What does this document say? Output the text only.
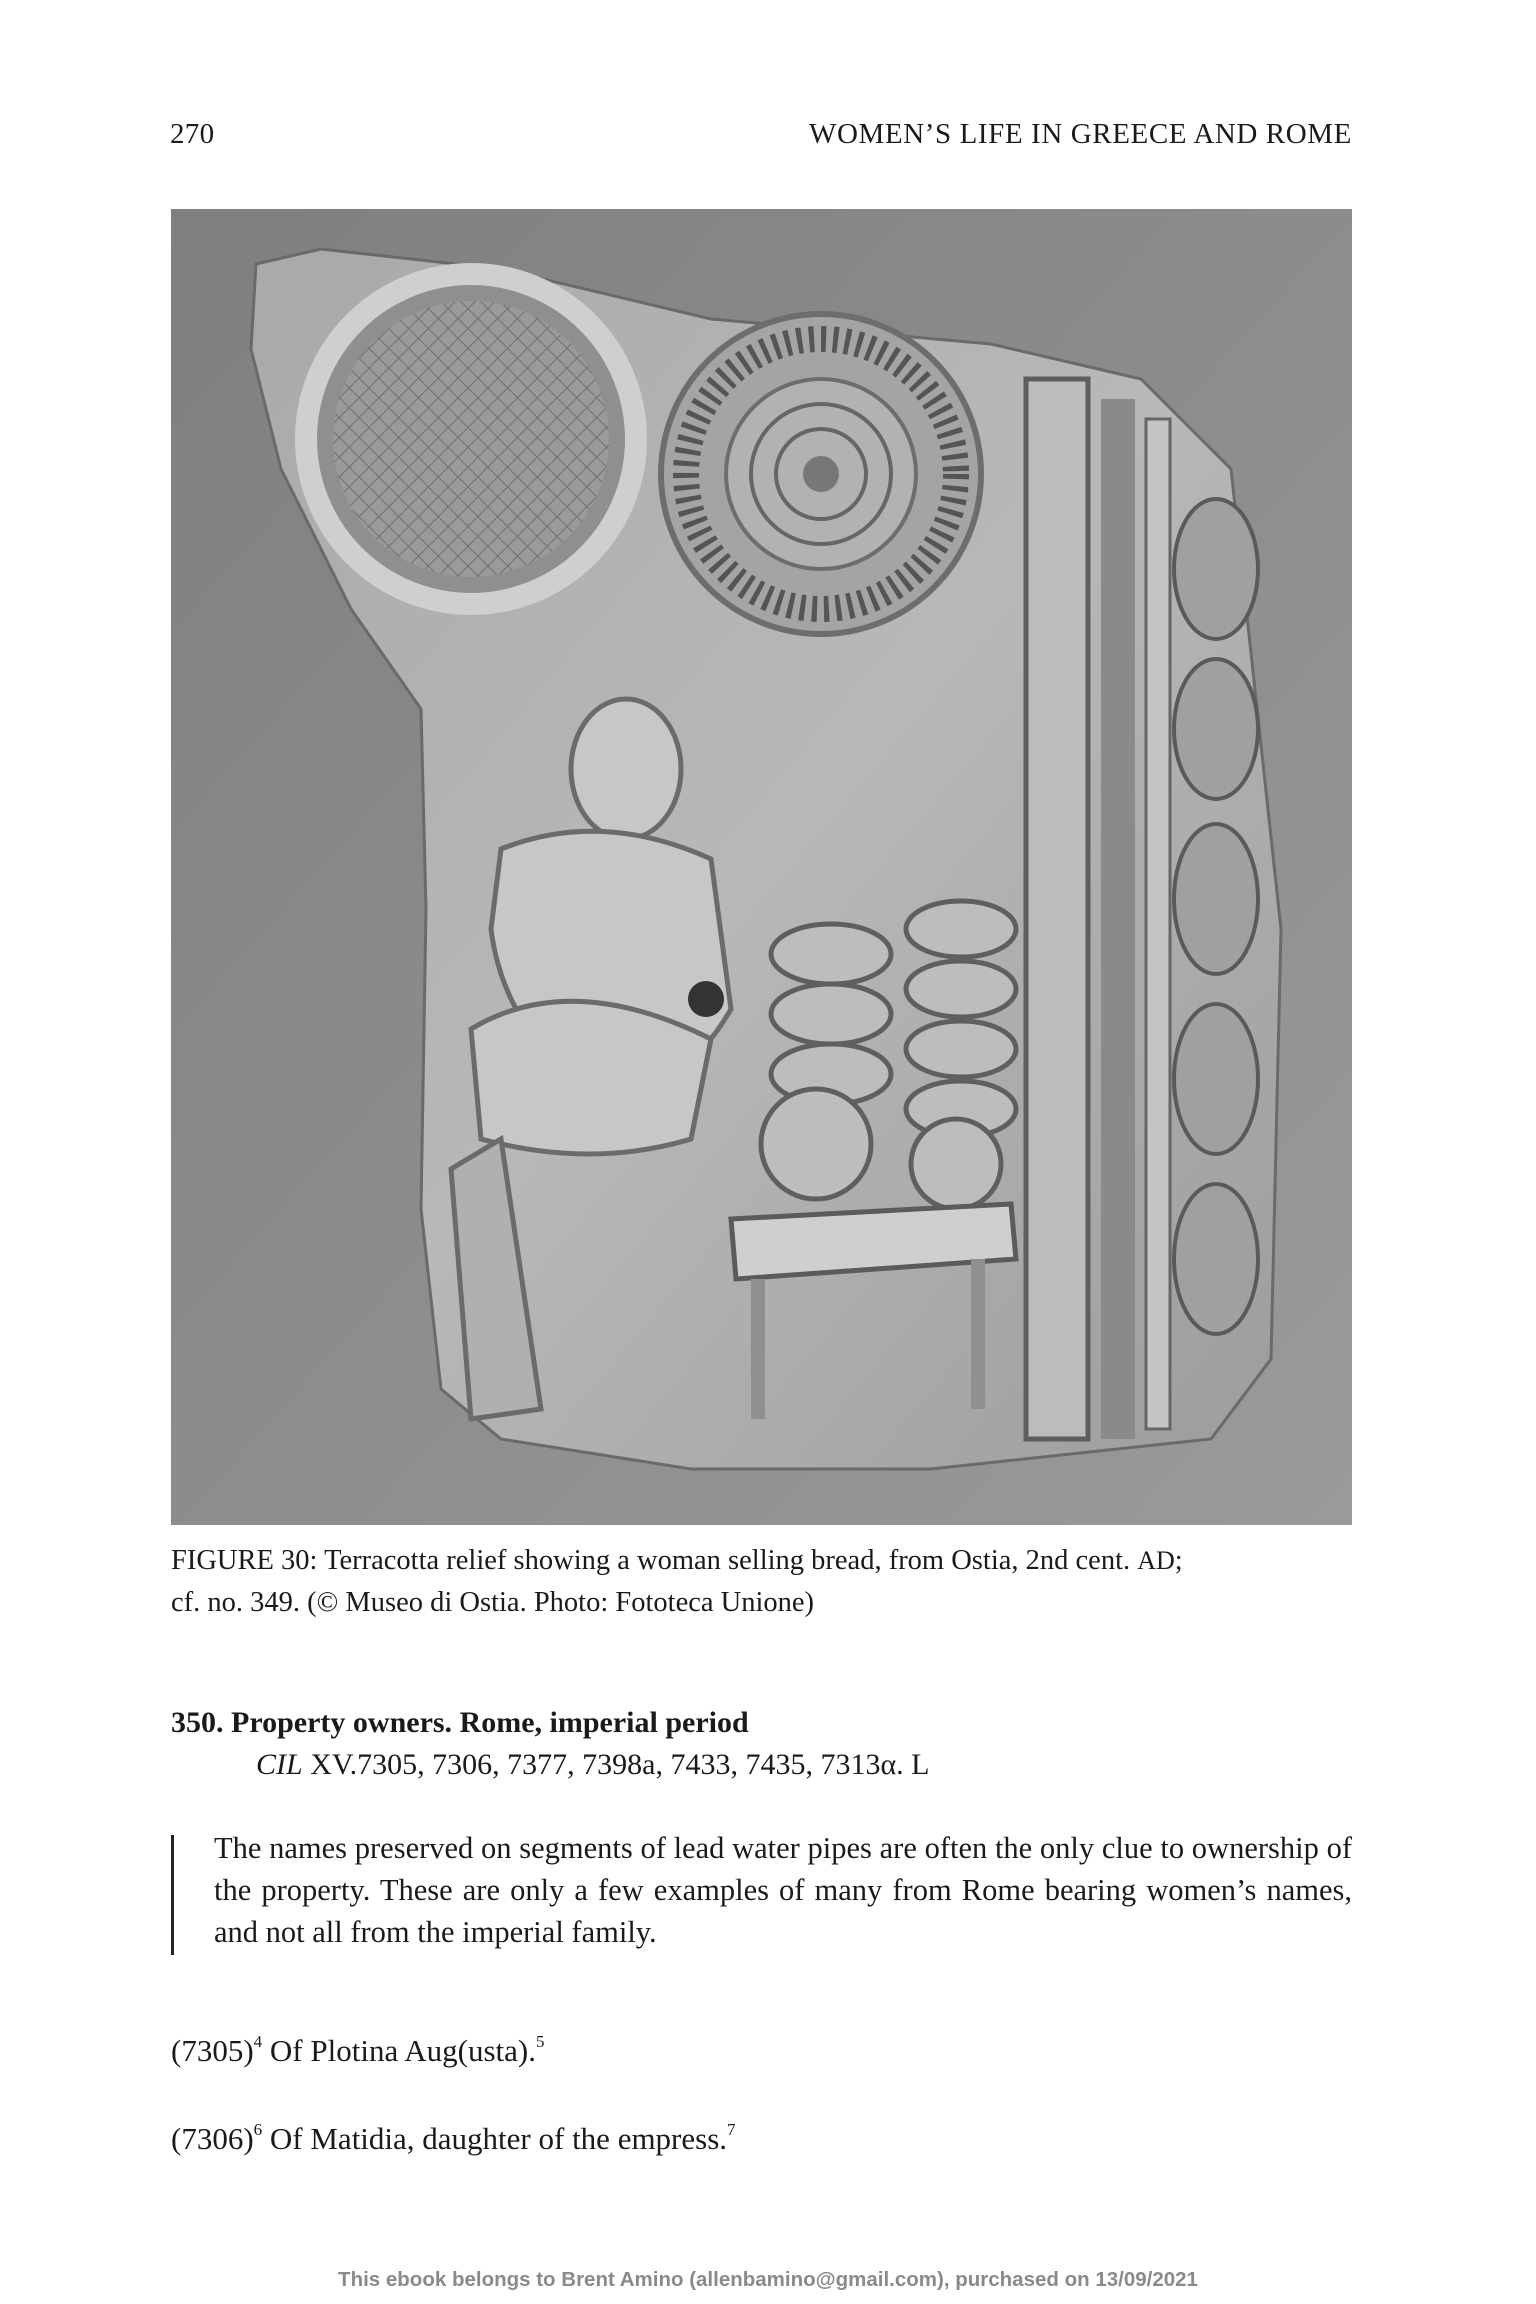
270	WOMEN’S LIFE IN GREECE AND ROME
FIGURE 30: Terracotta relief showing a woman selling bread, from Ostia, 2nd cent. AD;
cf. no. 349. (© Museo di Ostia. Photo: Fototeca Unione)
350. Property owners. Rome, imperial period
CIL XV.7305, 7306, 7377, 7398a, 7433, 7435, 7313α. L

The names preserved on segments of lead water pipes are often the only clue to ownership of the property. These are only a few examples of many from Rome bearing women’s names, and not all from the imperial family.

$(7305)^4$ Of Plotina Aug(usta).$^5$
$(7306)^6$ Of Matidia, daughter of the empress.$^7$
This ebook belongs to Brent Amino (allenbamino@gmail.com), purchased on 13/09/2021
